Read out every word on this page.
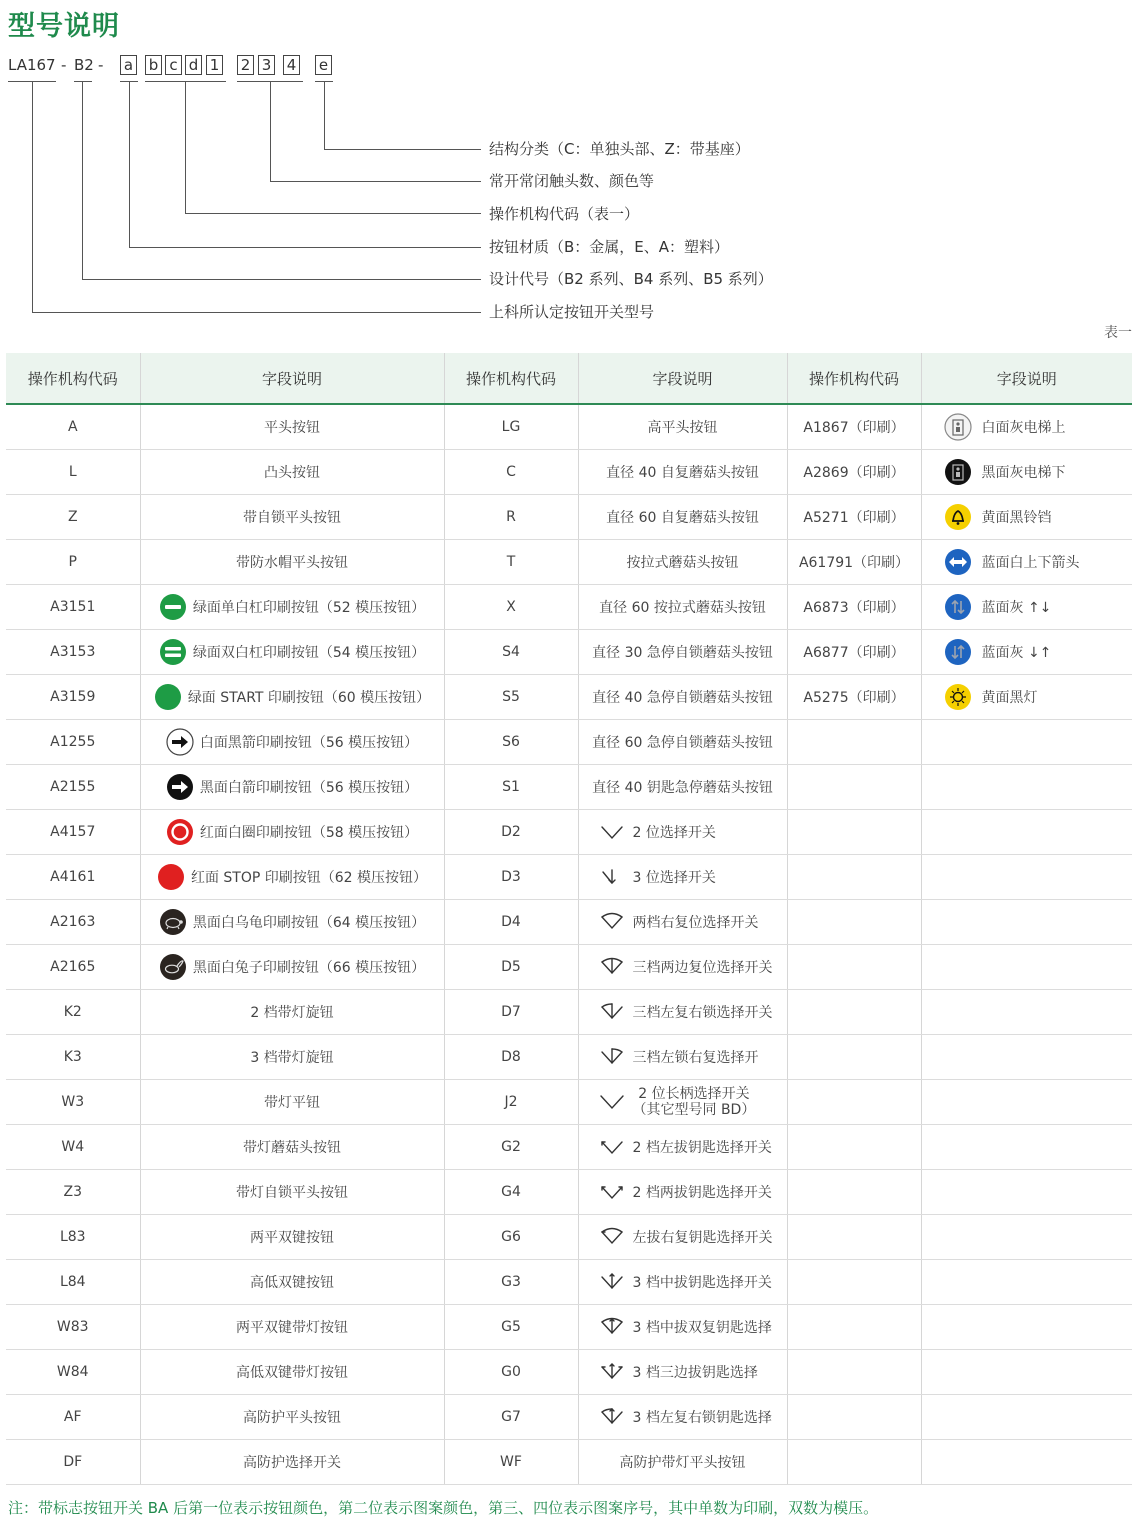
型号说明
LA167 - B2 - a b c d 1 2 3 4 e
结构分类（C：单独头部、Z：带基座）
常开常闭触头数、颜色等
操作机构代码（表一）
按钮材质（B：金属，E、A：塑料）
设计代号（B2 系列、B4 系列、B5 系列）
上科所认定按钮开关型号
表一
操作机构代码	字段说明	操作机构代码	字段说明	操作机构代码	字段说明
A	平头按钮	LG	高平头按钮	A1867（印刷）	白面灰电梯上

L	凸头按钮	C	直径 40 自复蘑菇头按钮	A2869（印刷）	黑面灰电梯下

Z	带自锁平头按钮	R	直径 60 自复蘑菇头按钮	A5271（印刷）	黄面黑铃铛

P	带防水帽平头按钮	T	按拉式蘑菇头按钮	A61791（印刷）	蓝面白上下箭头

A3151	绿面单白杠印刷按钮（52 模压按钮）	X	直径 60 按拉式蘑菇头按钮	A6873（印刷）	蓝面灰 ↑↓

A3153	绿面双白杠印刷按钮（54 模压按钮）	S4	直径 30 急停自锁蘑菇头按钮	A6877（印刷）	蓝面灰 ↓↑

A3159	绿面 START 印刷按钮（60 模压按钮）	S5	直径 40 急停自锁蘑菇头按钮	A5275（印刷）	黄面黑灯

A1255	白面黑箭印刷按钮（56 模压按钮）	S6	直径 60 急停自锁蘑菇头按钮		

A2155	黑面白箭印刷按钮（56 模压按钮）	S1	直径 40 钥匙急停蘑菇头按钮		

A4157	红面白圈印刷按钮（58 模压按钮）	D2	2 位选择开关		

A4161	红面 STOP 印刷按钮（62 模压按钮）	D3	3 位选择开关		

A2163	黑面白乌龟印刷按钮（64 模压按钮）	D4	两档右复位选择开关		

A2165	黑面白兔子印刷按钮（66 模压按钮）	D5	三档两边复位选择开关		

K2	2 档带灯旋钮	D7	三档左复右锁选择开关		

K3	3 档带灯旋钮	D8	三档左锁右复选择开		

W3	带灯平钮	J2	2 位长柄选择开关
（其它型号同 BD）		

W4	带灯蘑菇头按钮	G2	2 档左拔钥匙选择开关		

Z3	带灯自锁平头按钮	G4	2 档两拔钥匙选择开关		

L83	两平双键按钮	G6	左拔右复钥匙选择开关		

L84	高低双键按钮	G3	3 档中拔钥匙选择开关		

W83	两平双键带灯按钮	G5	3 档中拔双复钥匙选择		

W84	高低双键带灯按钮	G0	3 档三边拔钥匙选择		

AF	高防护平头按钮	G7	3 档左复右锁钥匙选择		

DF	高防护选择开关	WF	高防护带灯平头按钮		

注：带标志按钮开关 BA 后第一位表示按钮颜色，第二位表示图案颜色，第三、四位表示图案序号，其中单数为印刷，双数为模压。
